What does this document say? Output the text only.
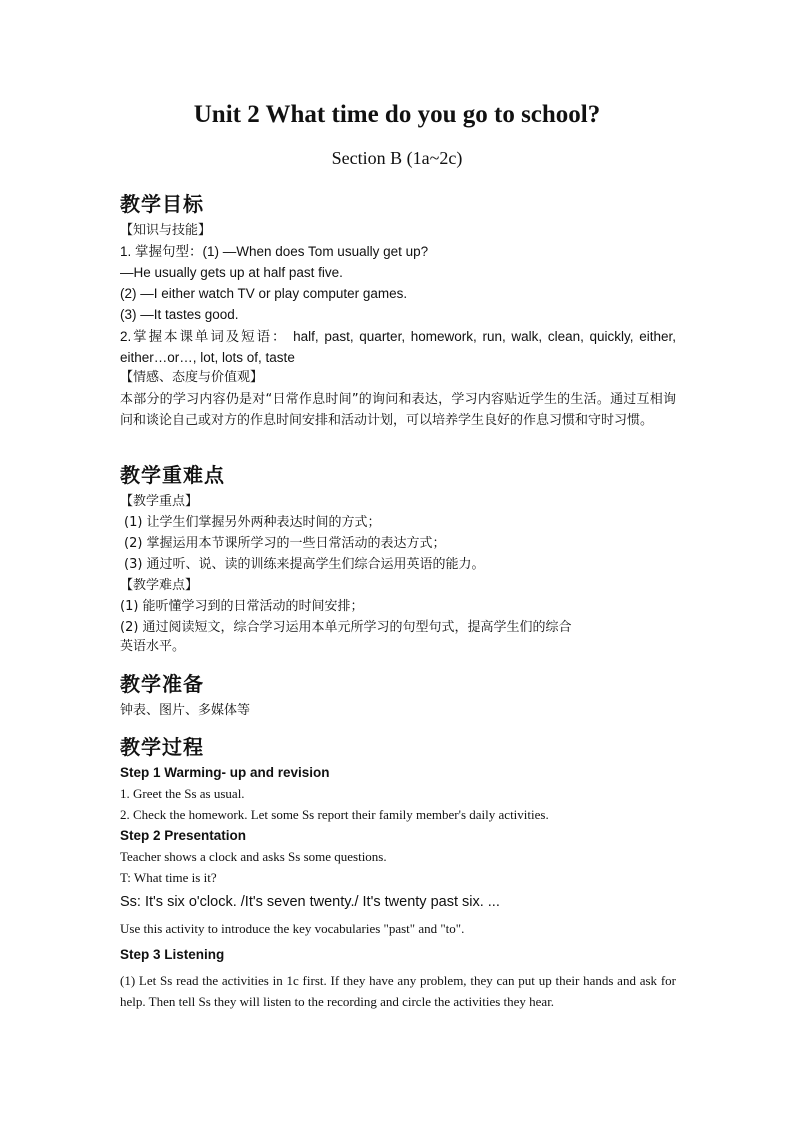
Unit 2 What time do you go to school?
Section B (1a~2c)
教学目标
【知识与技能】
1. 掌握句型：(1) —When does Tom usually get up?
—He usually gets up at half past five.
(2) —I either watch TV or play computer games.
(3) —It tastes good.
2.掌握本课单词及短语： half, past, quarter, homework, run, walk, clean, quickly, either, either…or…, lot, lots of, taste
【情感、态度与价值观】
本部分的学习内容仍是对“日常作息时间”的询问和表达，学习内容贴近学生的生活。通过互相询问和谈论自己或对方的作息时间安排和活动计划，可以培养学生良好的作息习惯和守时习惯。
教学重难点
【教学重点】
(1) 让学生们掌握另外两种表达时间的方式；
(2) 掌握运用本节课所学习的一些日常活动的表达方式；
(3) 通过听、说、读的训练来提高学生们综合运用英语的能力。
【教学难点】
(1) 能听懂学习到的日常活动的时间安排；
(2) 通过阅读短文，综合学习运用本单元所学习的句型句式，提高学生们的综合
英语水平。
教学准备
钟表、图片、多媒体等
教学过程
Step 1 Warming- up and revision
1. Greet the Ss as usual.
2. Check the homework. Let some Ss report their family member's daily activities.
Step 2 Presentation
Teacher shows a clock and asks Ss some questions.
T: What time is it?
Ss: It's six o'clock. /It's seven twenty./ It's twenty past six. ...
Use this activity to introduce the key vocabularies "past" and "to".
Step 3 Listening
(1) Let Ss read the activities in 1c first. If they have any problem, they can put up their hands and ask for help. Then tell Ss they will listen to the recording and circle the activities they hear.
